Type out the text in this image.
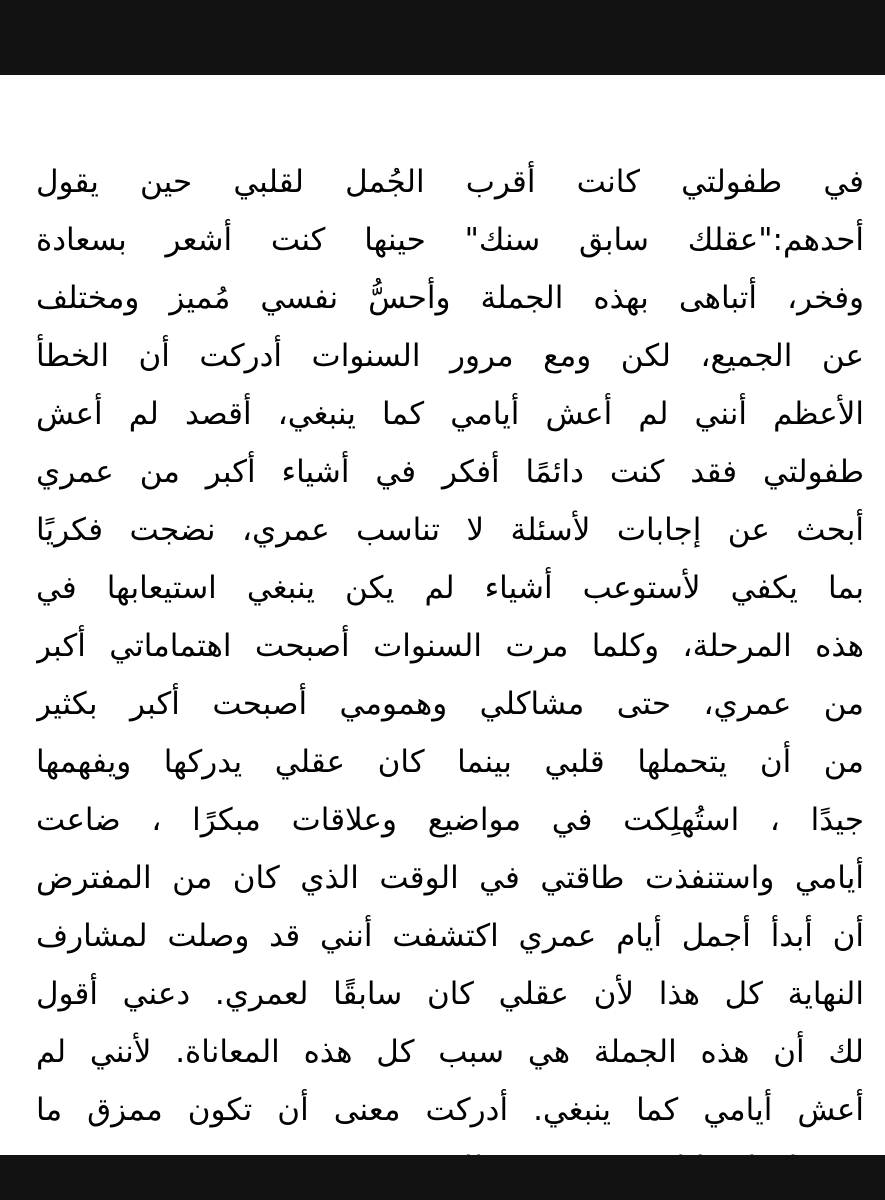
في طفولتي كانت أقرب الجُمل لقلبي حين يقول
أحدهم:"عقلك سابق سنك" حينها كنت أشعر بسعادة
وفخر، أتباهى بهذه الجملة وأحسُّ نفسي مُميز ومختلف
عن الجميع، لكن ومع مرور السنوات أدركت أن الخطأ
الأعظم أنني لم أعش أيامي كما ينبغي، أقصد لم أعش
طفولتي فقد كنت دائمًا أفكر في أشياء أكبر من عمري
أبحث عن إجابات لأسئلة لا تناسب عمري، نضجت فكريًا
بما يكفي لأستوعب أشياء لم يكن ينبغي استيعابها في
هذه المرحلة، وكلما مرت السنوات أصبحت اهتماماتي أكبر
من عمري، حتى مشاكلي وهمومي أصبحت أكبر بكثير
من أن يتحملها قلبي بينما كان عقلي يدركها ويفهمها
جيدًا ، استُهلِكت في مواضيع وعلاقات مبكرًا ، ضاعت
أيامي واستنفذت طاقتي في الوقت الذي كان من المفترض
أن أبدأ أجمل أيام عمري اكتشفت أنني قد وصلت لمشارف
النهاية كل هذا لأن عقلي كان سابقًا لعمري. دعني أقول
لك أن هذه الجملة هي سبب كل هذه المعاناة. لأنني لم
أعش أيامي كما ينبغي. أدركت معنى أن تكون ممزق ما
